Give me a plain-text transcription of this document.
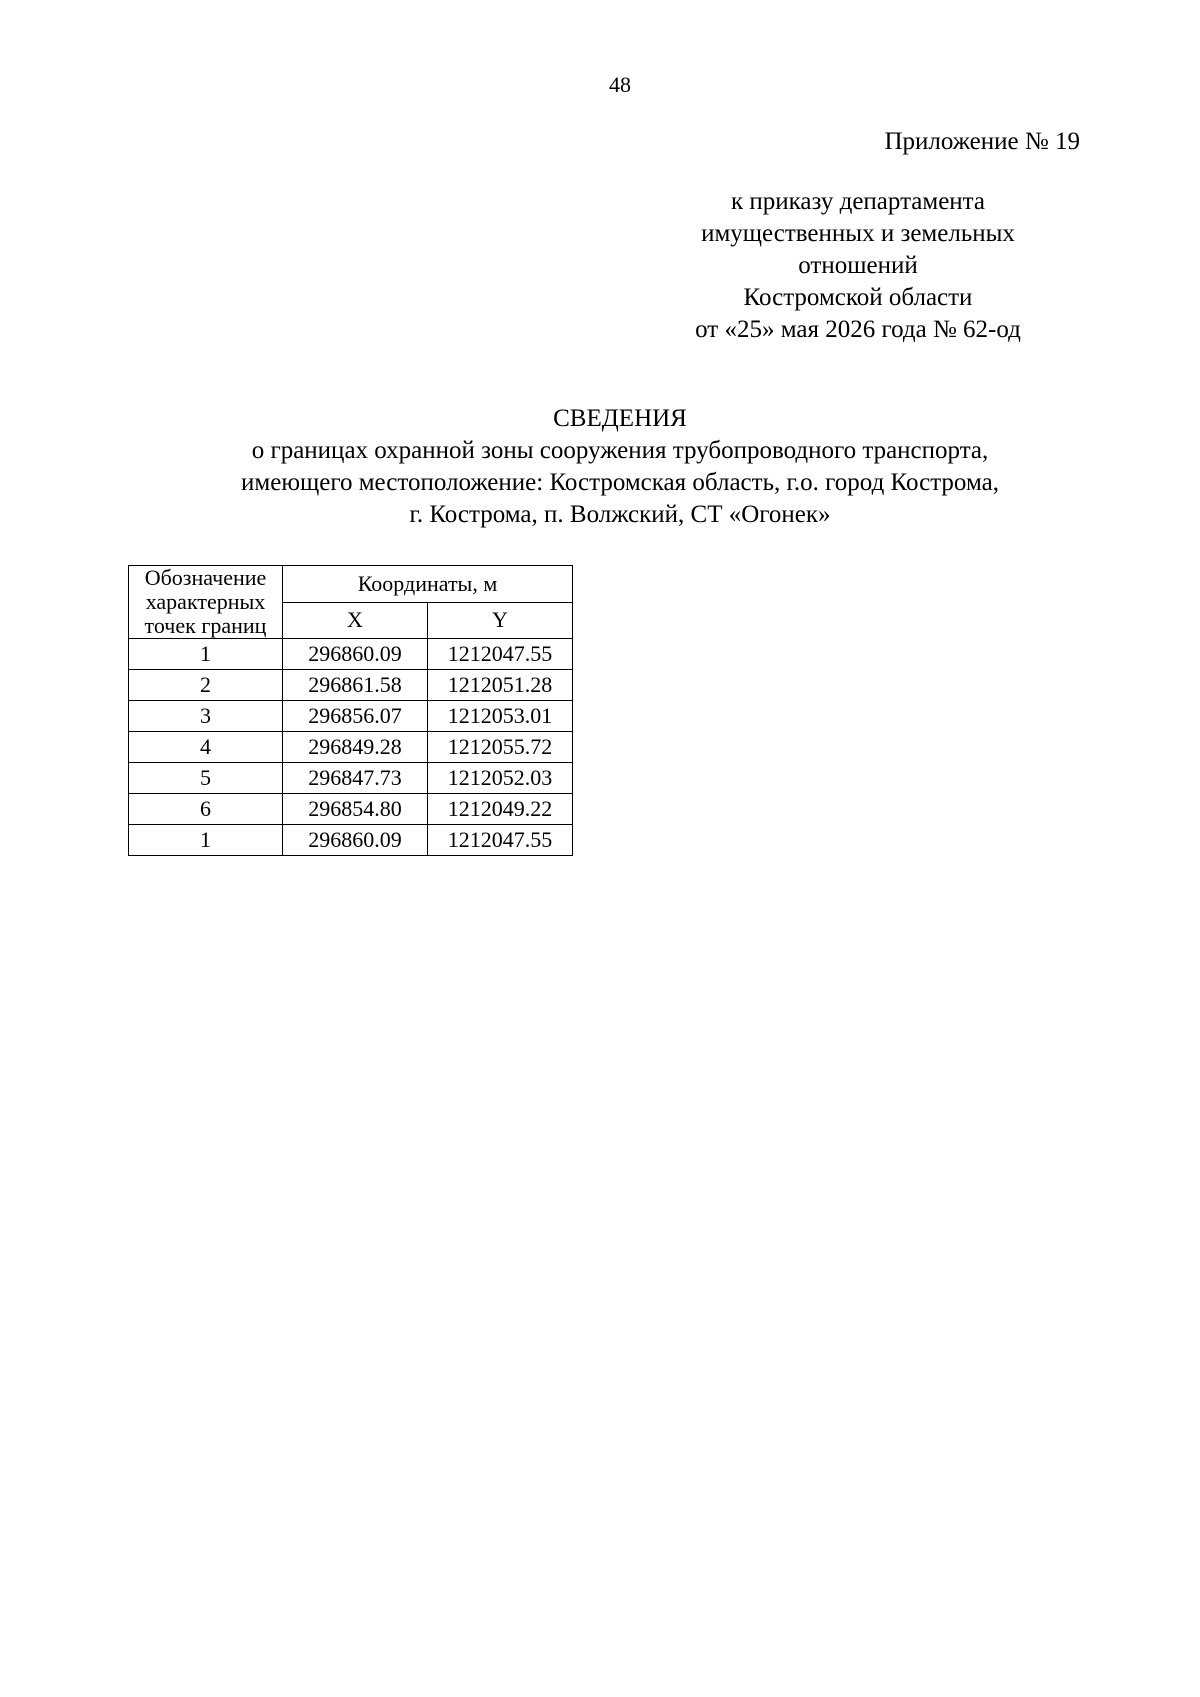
48
Приложение № 19
к приказу департамента
имущественных и земельных
отношений
Костромской области
от «25» мая 2026 года № 62-од
СВЕДЕНИЯ
о границах охранной зоны сооружения трубопроводного транспорта,
имеющего местоположение: Костромская область, г.о. город Кострома,
г. Кострома, п. Волжский, СТ «Огонек»
Обозначение
характерных
точек границ	Координаты, м	
	X	Y
1	296860.09	1212047.55
2	296861.58	1212051.28
3	296856.07	1212053.01
4	296849.28	1212055.72
5	296847.73	1212052.03
6	296854.80	1212049.22
1	296860.09	1212047.55
